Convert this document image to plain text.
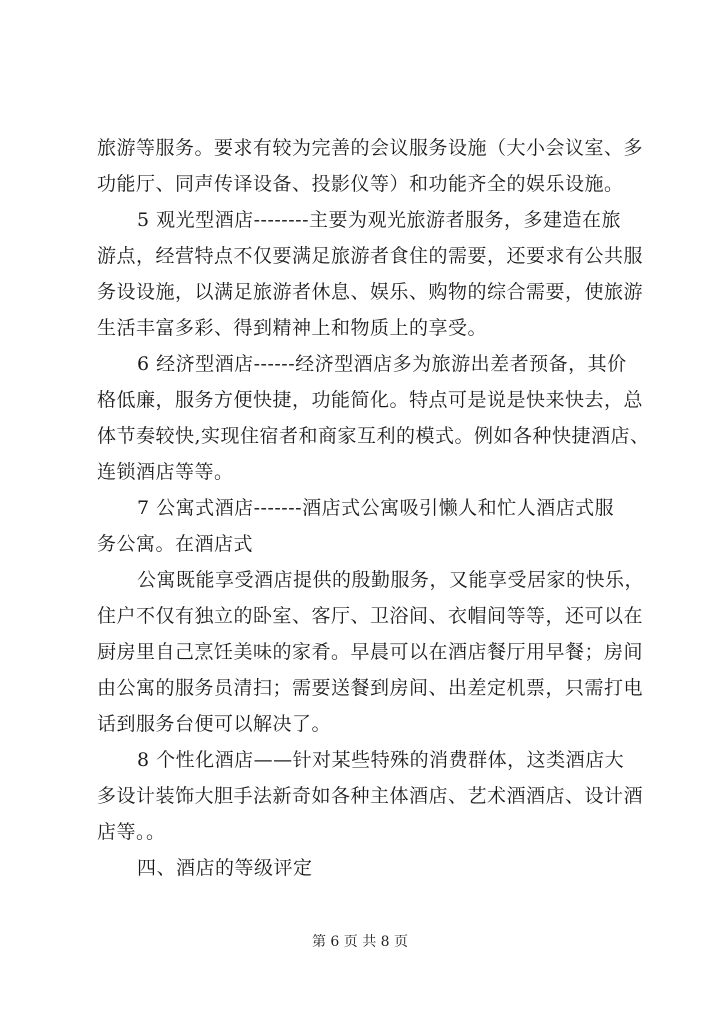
旅游等服务。要求有较为完善的会议服务设施（大小会议室、多
功能厅、同声传译设备、投影仪等）和功能齐全的娱乐设施。
5 观光型酒店--------主要为观光旅游者服务，多建造在旅
游点，经营特点不仅要满足旅游者食住的需要，还要求有公共服
务设设施，以满足旅游者休息、娱乐、购物的综合需要，使旅游
生活丰富多彩、得到精神上和物质上的享受。
6 经济型酒店------经济型酒店多为旅游出差者预备，其价
格低廉，服务方便快捷，功能简化。特点可是说是快来快去，总
体节奏较快,实现住宿者和商家互利的模式。例如各种快捷酒店、
连锁酒店等等。
7 公寓式酒店-------酒店式公寓吸引懒人和忙人酒店式服
务公寓。在酒店式
公寓既能享受酒店提供的殷勤服务，又能享受居家的快乐，
住户不仅有独立的卧室、客厅、卫浴间、衣帽间等等，还可以在
厨房里自己烹饪美味的家肴。早晨可以在酒店餐厅用早餐；房间
由公寓的服务员清扫；需要送餐到房间、出差定机票，只需打电
话到服务台便可以解决了。
8 个性化酒店——针对某些特殊的消费群体，这类酒店大
多设计装饰大胆手法新奇如各种主体酒店、艺术酒酒店、设计酒
店等。。
四、酒店的等级评定
第 6 页 共 8 页
